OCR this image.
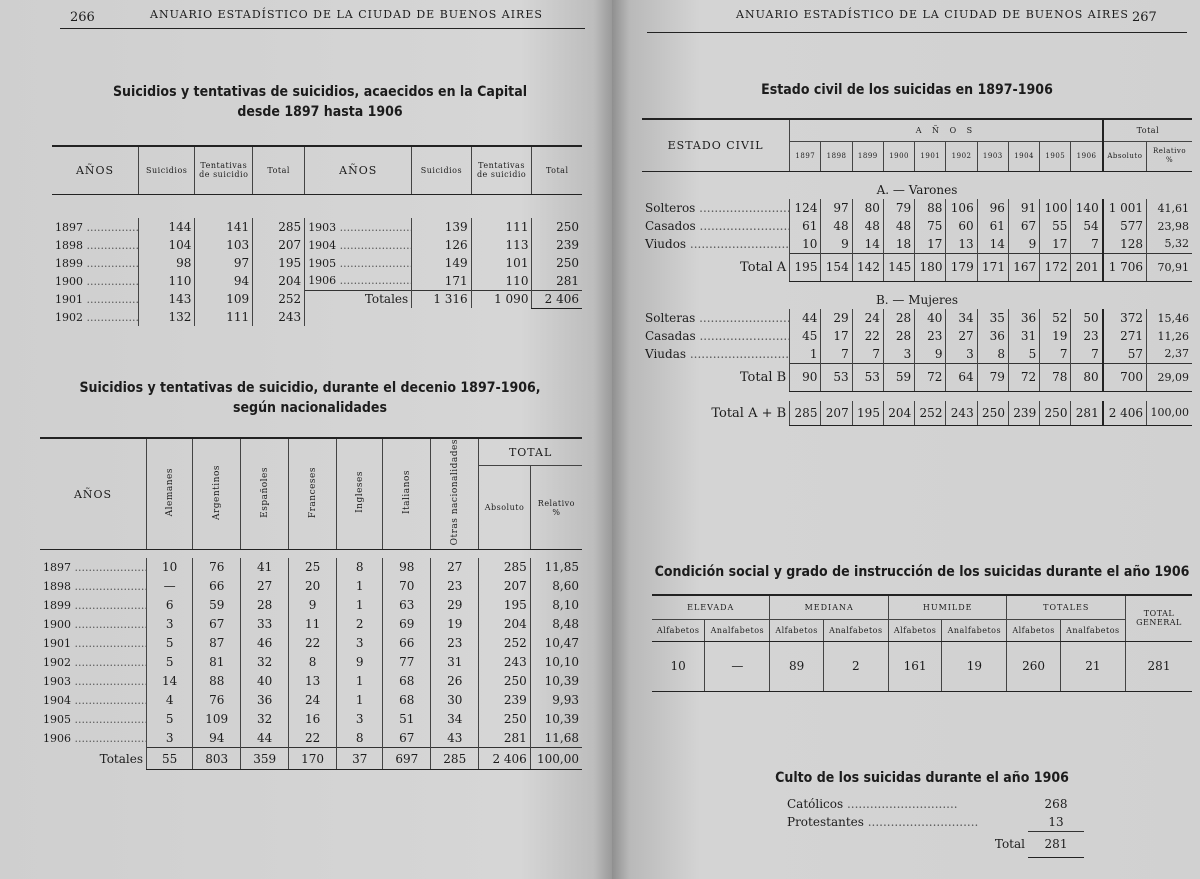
266	ANUARIO ESTADÍSTICO DE LA CIUDAD DE BUENOS AIRES
Suicidios y tentativas de suicidios, acaecidos en la Capital
desde 1897 hasta 1906
AÑOS	Suicidios	Tentativas de suicidio	Total	AÑOS	Suicidios	Tentativas de suicidio	Total

1897 .....	144	141	285	1903 .....	139	111	250
1898 .....	104	103	207	1904 .....	126	113	239
1899 .....	98	97	195	1905 .....	149	101	250
1900 .....	110	94	204	1906 .....	171	110	281
1901 .....	143	109	252	Totales	1 316	1 090	2 406
1902 .....	132	111	243				
Suicidios y tentativas de suicidio, durante el decenio 1897-1906,
según nacionalidades
AÑOS	Alemanes	Argentinos	Españoles	Franceses	Ingleses	Italianos	Otras nacionalidades	TOTAL	
								Absoluto	Relativo %

1897 .....	10	76	41	25	8	98	27	285	11,85
1898 .....	—	66	27	20	1	70	23	207	8,60
1899 .....	6	59	28	9	1	63	29	195	8,10
1900 .....	3	67	33	11	2	69	19	204	8,48
1901 .....	5	87	46	22	3	66	23	252	10,47
1902 .....	5	81	32	8	9	77	31	243	10,10
1903 .....	14	88	40	13	1	68	26	250	10,39
1904 .....	4	76	36	24	1	68	30	239	9,93
1905 .....	5	109	32	16	3	51	34	250	10,39
1906 .....	3	94	44	22	8	67	43	281	11,68
Totales	55	803	359	170	37	697	285	2 406	100,00
ANUARIO ESTADÍSTICO DE LA CIUDAD DE BUENOS AIRES 267
Estado civil de los suicidas en 1897-1906
ESTADO CIVIL	A Ñ O S										Total	
	1897	1898	1899	1900	1901	1902	1903	1904	1905	1906	Absoluto	Relativo %
A. — Varones												
Solteros .....	124	97	80	79	88	106	96	91	100	140	1 001	41,61
Casados .....	61	48	48	48	75	60	61	67	55	54	577	23,98
Viudos .....	10	9	14	18	17	13	14	9	17	7	128	5,32
Total A	195	154	142	145	180	179	171	167	172	201	1 706	70,91
B. — Mujeres												
Solteras .....	44	29	24	28	40	34	35	36	52	50	372	15,46
Casadas .....	45	17	22	28	23	27	36	31	19	23	271	11,26
Viudas .....	1	7	7	3	9	3	8	5	7	7	57	2,37
Total B	90	53	53	59	72	64	79	72	78	80	700	29,09

Total A + B	285	207	195	204	252	243	250	239	250	281	2 406	100,00
Condición social y grado de instrucción de los suicidas durante el año 1906
ELEVADA		MEDIANA		HUMILDE		TOTALES		TOTAL GENERAL
Alfabetos	Analfabetos	Alfabetos	Analfabetos	Alfabetos	Analfabetos	Alfabetos	Analfabetos	
10	—	89	2	161	19	260	21	281
Culto de los suicidas durante el año 1906
Católicos .....	268
Protestantes .....	13
Total	281
